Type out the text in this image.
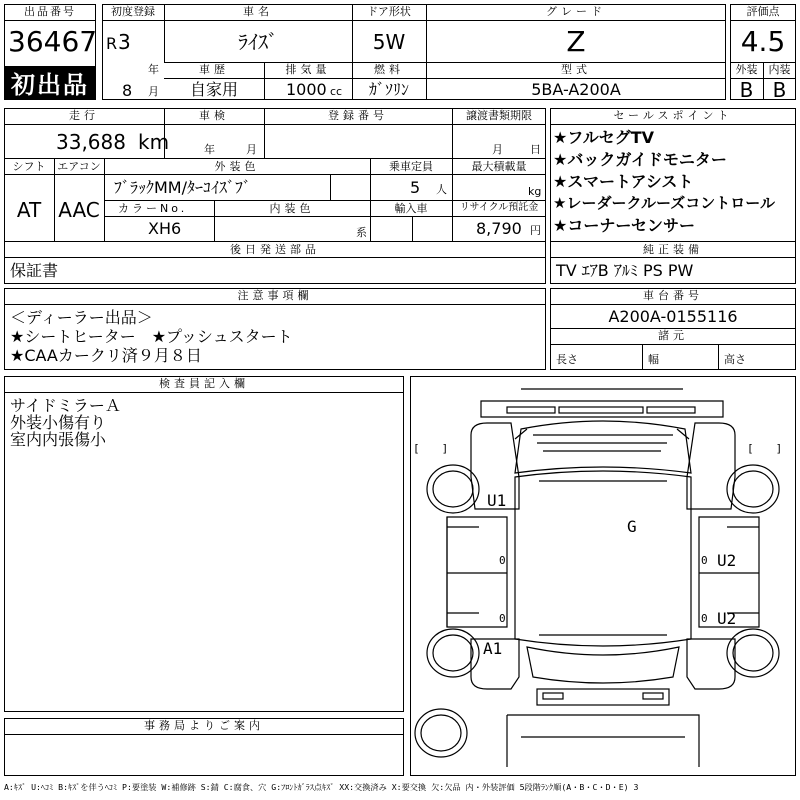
出品番号
36467
初出品
初度登録
R 3
年
8 月
車名
ﾗｲｽﾞ
ドア形状
5W
グレード
Z
車歴
自家用
排気量
1000 cc
燃料
ｶﾞｿﾘﾝ
型式
5BA-A200A
評価点
4.5
外装	内装
B B
走行
33,688 km
車検
年	月
登録番号	譲渡書類期限
月 日
シフト
AT
エアコン
AAC
外装色
ﾌﾞﾗｯｸMM/ﾀｰｺｲｽﾞﾌﾞ
乗車定員
5 人
最大積載量
kg
カラーNo.
XH6
内装色
系
輸入車	リサイクル預託金
8,790 円
後日発送部品
保証書
セールスポイント
★フルセグTV
★バックガイドモニター
★スマートアシスト
★レーダークルーズコントロール
★コーナーセンサー
純正装備
TV ｴｱB ｱﾙﾐ PS PW
注意事項欄
＜ディーラー出品＞
★シートヒーター　★プッシュスタート
★CAAカークリ済９月８日
車台番号
A200A-0155116
諸元
長さ	幅	高さ
検査員記入欄
サイドミラーＡ
外装小傷有り
室内内張傷小
事務局よりご案内
[　　]	[　　]
U1
G
U2
U2
A1
0
0
0
0
A:ｷｽﾞ U:ﾍｺﾐ B:ｷｽﾞを伴うﾍｺﾐ P:要塗装 W:補修跡 S:錆 C:腐食、穴 G:ﾌﾛﾝﾄｶﾞﾗｽ点ｷｽﾞ XX:交換済み X:要交換 欠:欠品 内・外装評価 5段階ﾗﾝｸ順(A・B・C・D・E) 3
